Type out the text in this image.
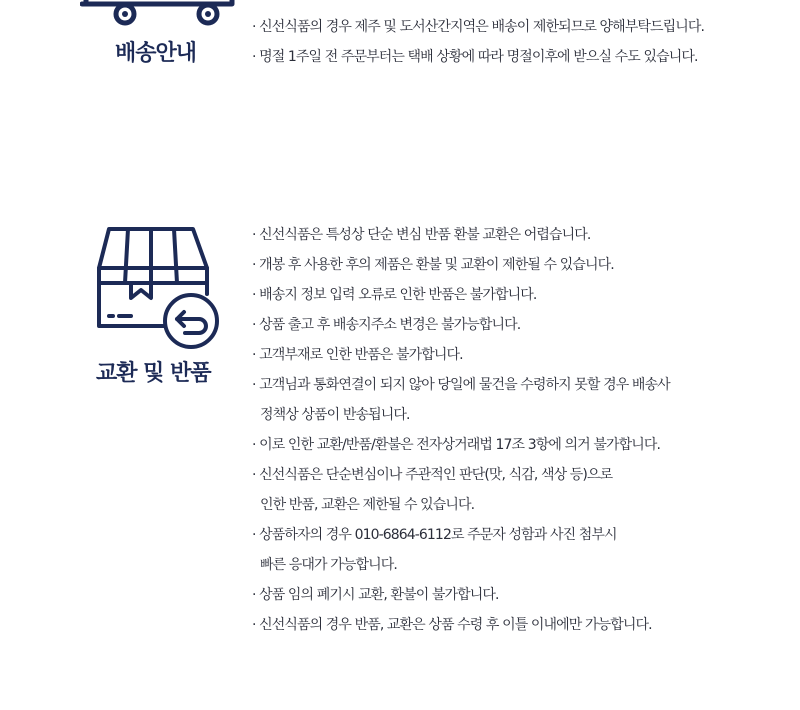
배송안내
· 신선식품의 경우 제주 및 도서산간지역은 배송이 제한되므로 양해부탁드립니다.
· 명절 1주일 전 주문부터는 택배 상황에 따라 명절이후에 받으실 수도 있습니다.
교환 및 반품
· 신선식품은 특성상 단순 변심 반품 환불 교환은 어렵습니다.
· 개봉 후 사용한 후의 제품은 환불 및 교환이 제한될 수 있습니다.
· 배송지 정보 입력 오류로 인한 반품은 불가합니다.
· 상품 출고 후 배송지주소 변경은 불가능합니다.
· 고객부재로 인한 반품은 불가합니다.
· 고객님과 통화연결이 되지 않아 당일에 물건을 수령하지 못할 경우 배송사
정책상 상품이 반송됩니다.
· 이로 인한 교환/반품/환불은 전자상거래법 17조 3항에 의거 불가합니다.
· 신선식품은 단순변심이나 주관적인 판단(맛, 식감, 색상 등)으로
인한 반품, 교환은 제한될 수 있습니다.
· 상품하자의 경우 010-6864-6112로 주문자 성함과 사진 첨부시
빠른 응대가 가능합니다.
· 상품 임의 폐기시 교환, 환불이 불가합니다.
· 신선식품의 경우 반품, 교환은 상품 수령 후 이틀 이내에만 가능합니다.
